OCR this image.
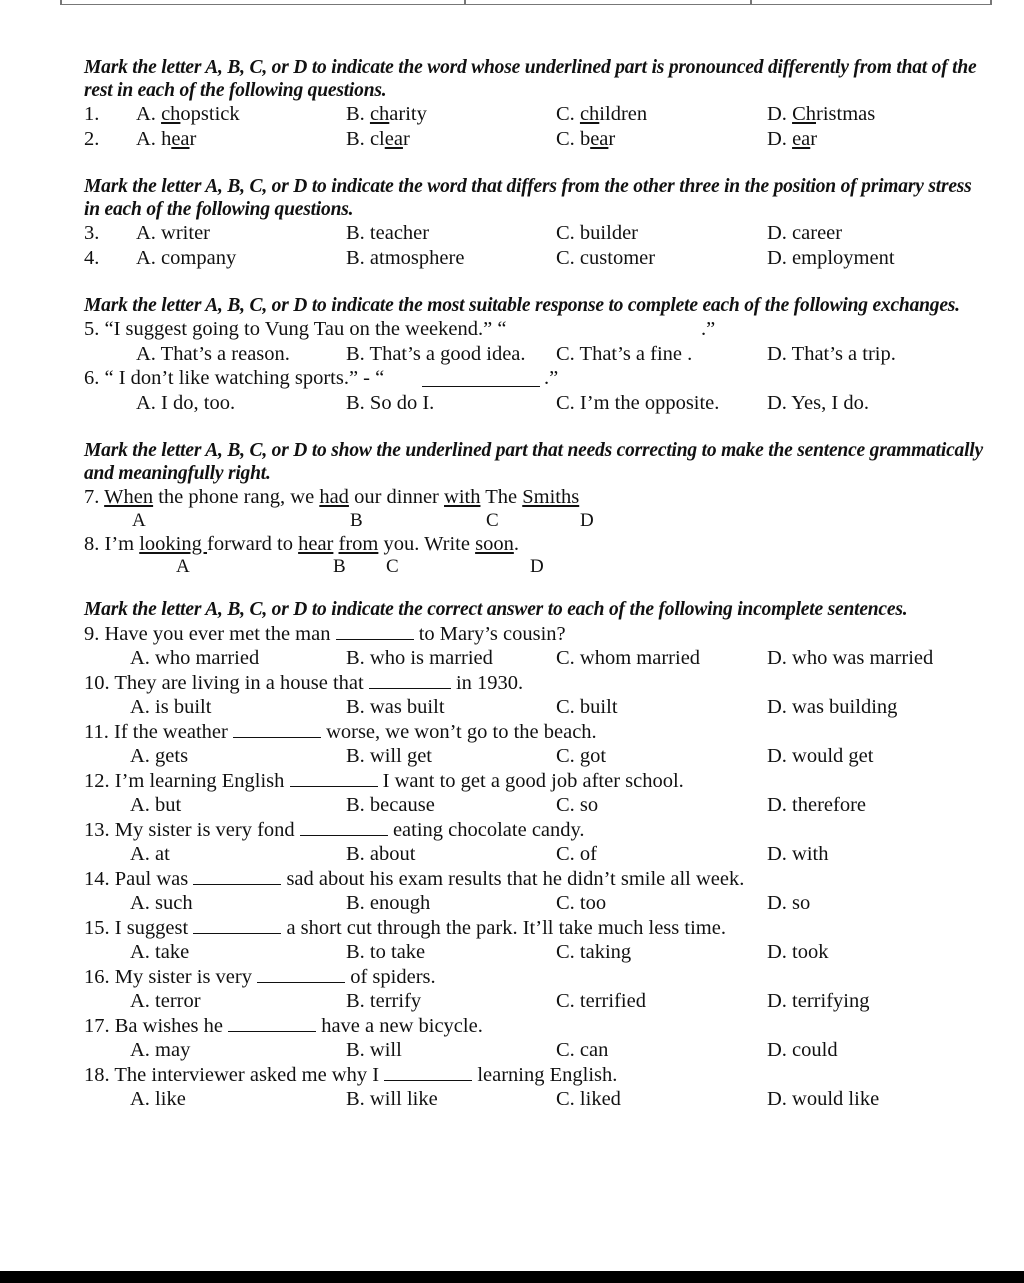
Mark the letter A, B, C, or D to indicate the word whose underlined part is pronounced differently from that of the rest in each of the following questions.

1. A. chopstick	B. charity	C. children	D. Christmas
2. A. hear	B. clear	C. bear	D. ear

Mark the letter A, B, C, or D to indicate the word that differs from the other three in the position of primary stress in each of the following questions.

3. A. writer	B. teacher	C. builder	D. career
4. A. company	B. atmosphere	C. customer	D. employment

Mark the letter A, B, C, or D to indicate the most suitable response to complete each of the following exchanges.

5. “I suggest going to Vung Tau on the weekend.” “	.”
A. That’s a reason.	B. That’s a good idea. C. That’s a fine .	D. That’s a trip.
6. “ I don’t like watching sports.” - “	.”
A. I do, too.	B. So do I.	C. I’m the opposite. D. Yes, I do.

Mark the letter A, B, C, or D to show the underlined part that needs correcting to make the sentence grammatically and meaningfully right.

7. When the phone rang, we had our dinner with The Smiths
A	B	C	D
8. I’m looking forward to hear from you. Write soon.
A	B C	D

Mark the letter A, B, C, or D to indicate the correct answer to each of the following incomplete sentences.

9. Have you ever met the man	to Mary’s cousin?
A. who married	B. who is married	C. whom married	D. who was married
10. They are living in a house that	in 1930.
A. is built	B. was built	C. built	D. was building
11. If the weather	worse, we won’t go to the beach.
A. gets	B. will get	C. got	D. would get
12. I’m learning English	I want to get a good job after school.
A. but	B. because	C. so	D. therefore
13. My sister is very fond	eating chocolate candy.
A. at	B. about	C. of	D. with
14. Paul was	sad about his exam results that he didn’t smile all week.
A. such	B. enough	C. too	D. so
15. I suggest	a short cut through the park. It’ll take much less time.
A. take	B. to take	C. taking	D. took
16. My sister is very	of spiders.
A. terror	B. terrify	C. terrified	D. terrifying
17. Ba wishes he	have a new bicycle.
A. may	B. will	C. can	D. could
18. The interviewer asked me why I	learning English.
A. like	B. will like	C. liked	D. would like
